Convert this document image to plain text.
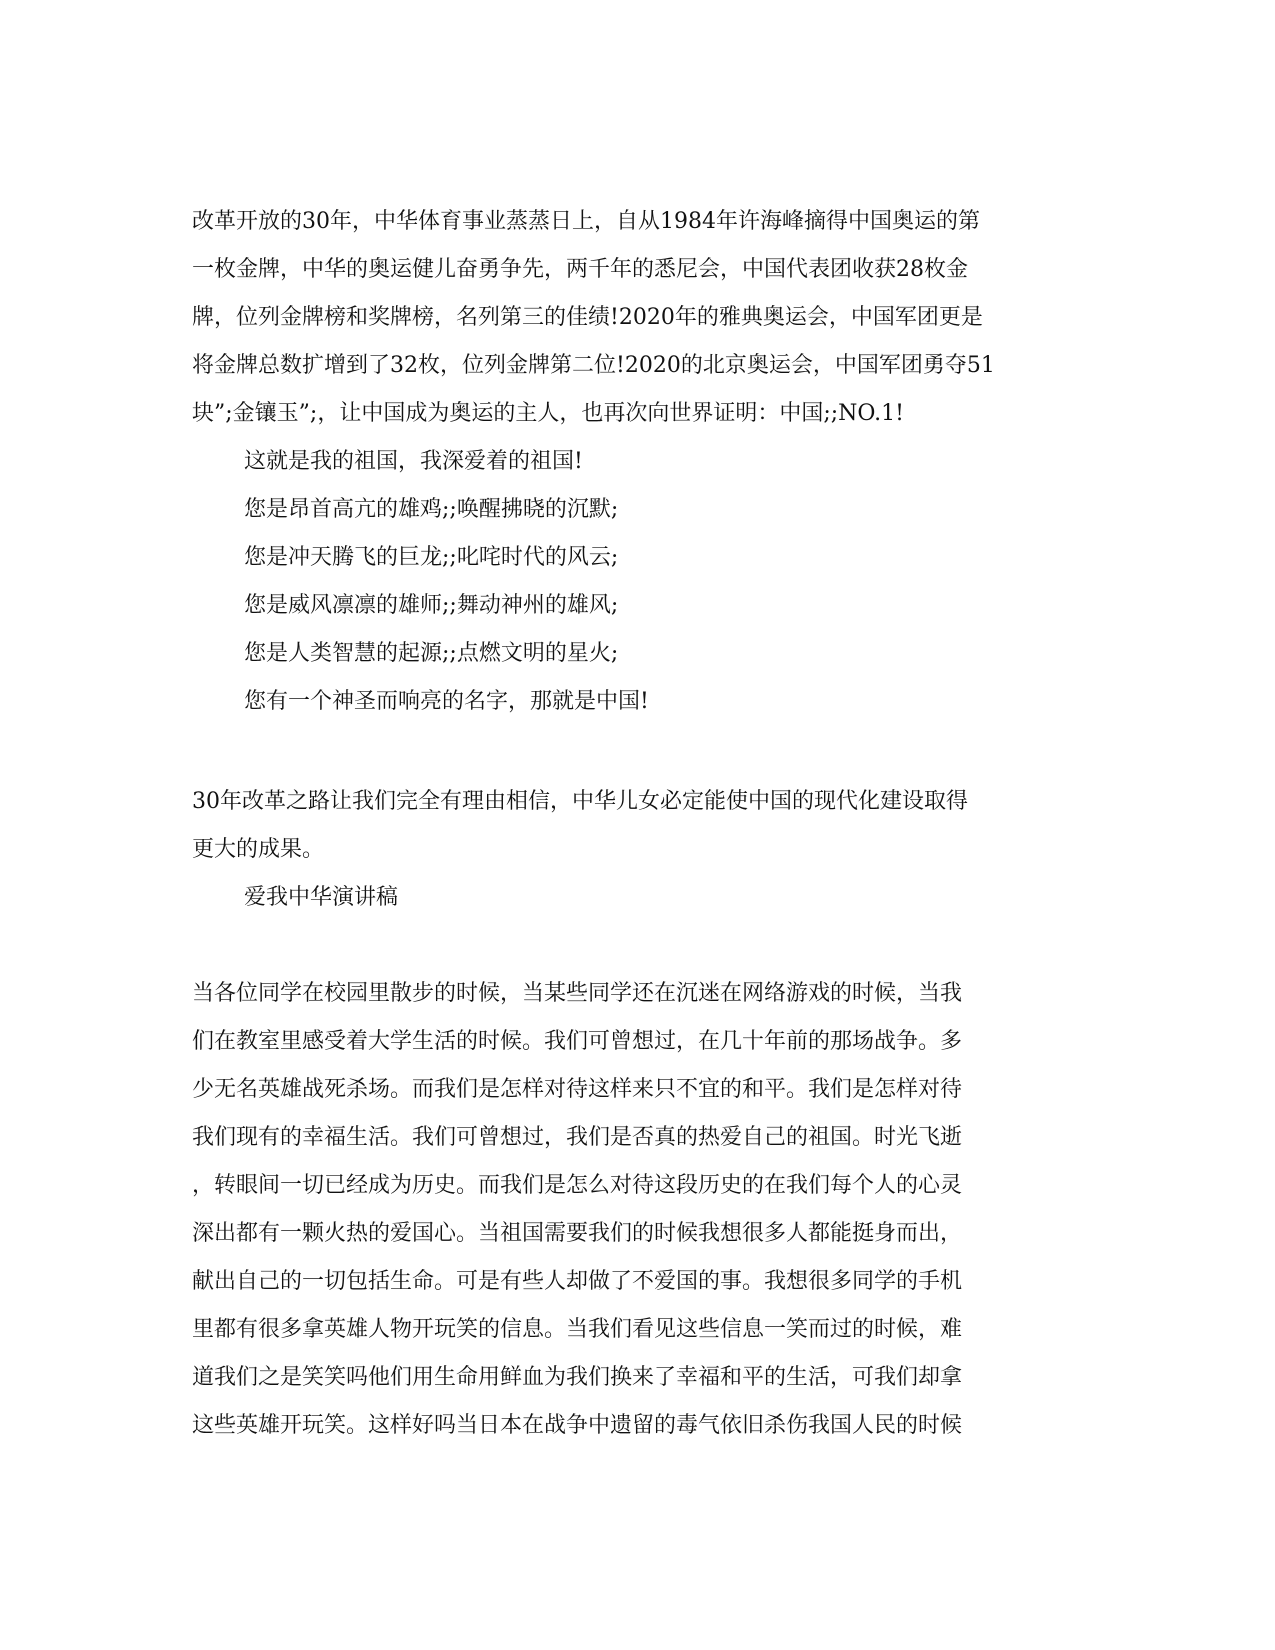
改革开放的30年，中华体育事业蒸蒸日上，自从1984年许海峰摘得中国奥运的第
一枚金牌，中华的奥运健儿奋勇争先，两千年的悉尼会，中国代表团收获28枚金
牌，位列金牌榜和奖牌榜，名列第三的佳绩!2020年的雅典奥运会，中国军团更是
将金牌总数扩增到了32枚，位列金牌第二位!2020的北京奥运会，中国军团勇夺51
块”;金镶玉”;，让中国成为奥运的主人，也再次向世界证明：中国;;NO.1!
这就是我的祖国，我深爱着的祖国!
您是昂首高亢的雄鸡;;唤醒拂晓的沉默;
您是冲天腾飞的巨龙;;叱咤时代的风云;
您是威风凛凛的雄师;;舞动神州的雄风;
您是人类智慧的起源;;点燃文明的星火;
您有一个神圣而响亮的名字，那就是中国!
30年改革之路让我们完全有理由相信，中华儿女必定能使中国的现代化建设取得
更大的成果。
爱我中华演讲稿
当各位同学在校园里散步的时候，当某些同学还在沉迷在网络游戏的时候，当我
们在教室里感受着大学生活的时候。我们可曾想过，在几十年前的那场战争。多
少无名英雄战死杀场。而我们是怎样对待这样来只不宜的和平。我们是怎样对待
我们现有的幸福生活。我们可曾想过，我们是否真的热爱自己的祖国。时光飞逝
，转眼间一切已经成为历史。而我们是怎么对待这段历史的在我们每个人的心灵
深出都有一颗火热的爱国心。当祖国需要我们的时候我想很多人都能挺身而出，
献出自己的一切包括生命。可是有些人却做了不爱国的事。我想很多同学的手机
里都有很多拿英雄人物开玩笑的信息。当我们看见这些信息一笑而过的时候，难
道我们之是笑笑吗他们用生命用鲜血为我们换来了幸福和平的生活，可我们却拿
这些英雄开玩笑。这样好吗当日本在战争中遗留的毒气依旧杀伤我国人民的时候
